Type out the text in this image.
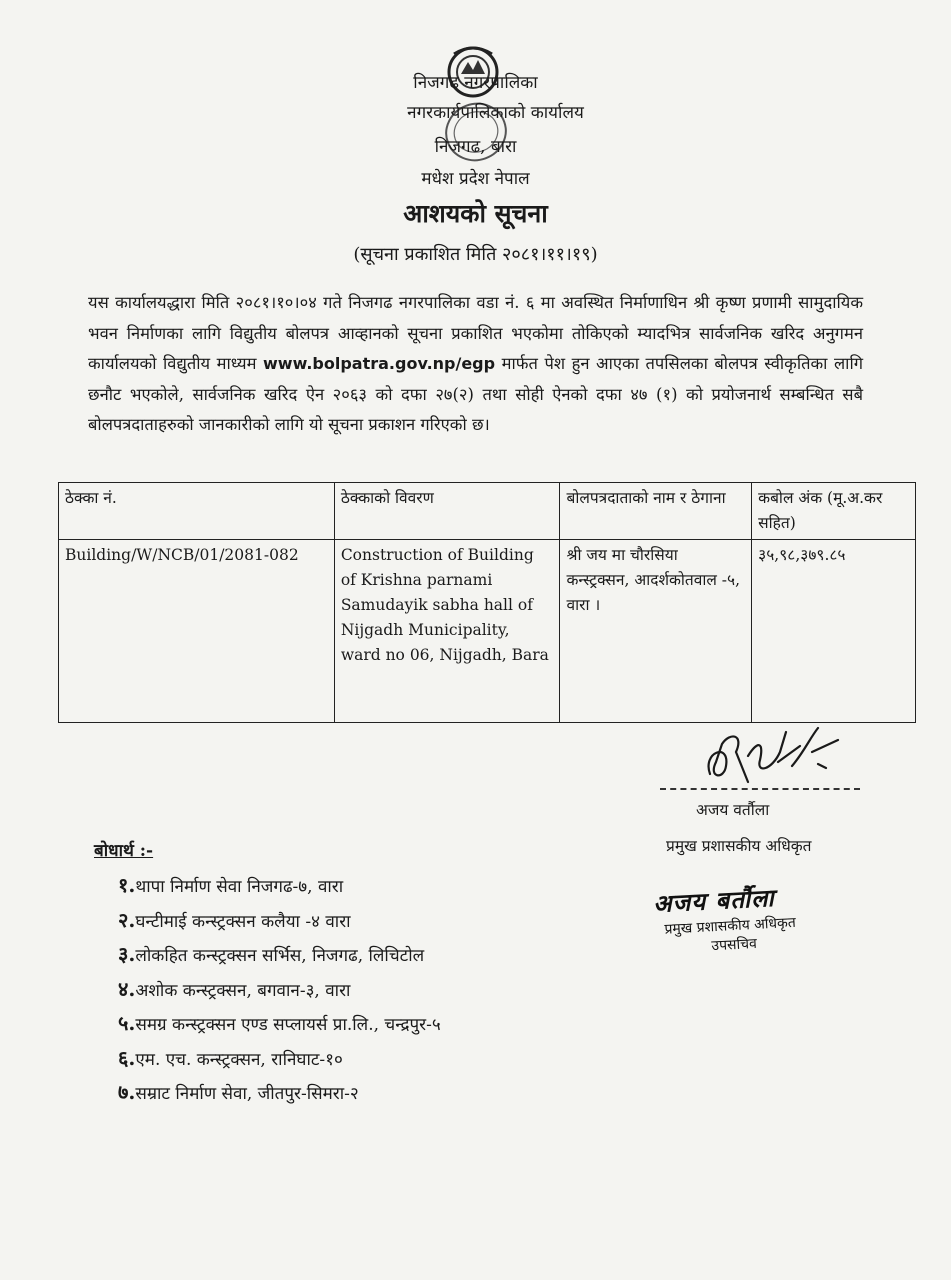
निजगढ नगरपालिका
नगरकार्यपालिकाको कार्यालय
निजगढ, बारा
मधेश प्रदेश नेपाल
आशयको सूचना
(सूचना प्रकाशित मिति २०८१।११।१९)
यस कार्यालयद्धारा मिति २०८१।१०।०४ गते निजगढ नगरपालिका वडा नं. ६ मा अवस्थित निर्माणाधिन श्री कृष्ण प्रणामी सामुदायिक भवन निर्माणका लागि विद्युतीय बोलपत्र आव्हानको सूचना प्रकाशित भएकोमा तोकिएको म्यादभित्र सार्वजनिक खरिद अनुगमन कार्यालयको विद्युतीय माध्यम www.bolpatra.gov.np/egp मार्फत पेश हुन आएका तपसिलका बोलपत्र स्वीकृतिका लागि छनौट भएकोले, सार्वजनिक खरिद ऐन २०६३ को दफा २७(२) तथा सोही ऐनको दफा ४७ (१) को प्रयोजनार्थ सम्बन्धित सबै बोलपत्रदाताहरुको जानकारीको लागि यो सूचना प्रकाशन गरिएको छ।
ठेक्का नं.	ठेक्काको विवरण	बोलपत्रदाताको नाम र ठेगाना	कबोल अंक (मू.अ.कर सहित)
Building/W/NCB/01/2081-082	Construction of Building of Krishna parnami Samudayik sabha hall of Nijgadh Municipality, ward no 06, Nijgadh, Bara	श्री जय मा चौरसिया कन्स्ट्रक्सन, आदर्शकोतवाल -५, वारा ।	३५,९८,३७९.८५
अजय वर्तौला
प्रमुख प्रशासकीय अधिकृत
बोधार्थ :-
१.थापा निर्माण सेवा निजगढ-७, वारा
२.घन्टीमाई कन्स्ट्रक्सन कलैया -४ वारा
३.लोकहित कन्स्ट्रक्सन सर्भिस, निजगढ, लिचिटोल
४.अशोक कन्स्ट्रक्सन, बगवान-३, वारा
५.समग्र कन्स्ट्रक्सन एण्ड सप्लायर्स प्रा.लि., चन्द्रपुर-५
६.एम. एच. कन्स्ट्रक्सन, रानिघाट-१०
७.सम्राट निर्माण सेवा, जीतपुर-सिमरा-२
अजय बर्तौला
प्रमुख प्रशासकीय अधिकृत
उपसचिव
